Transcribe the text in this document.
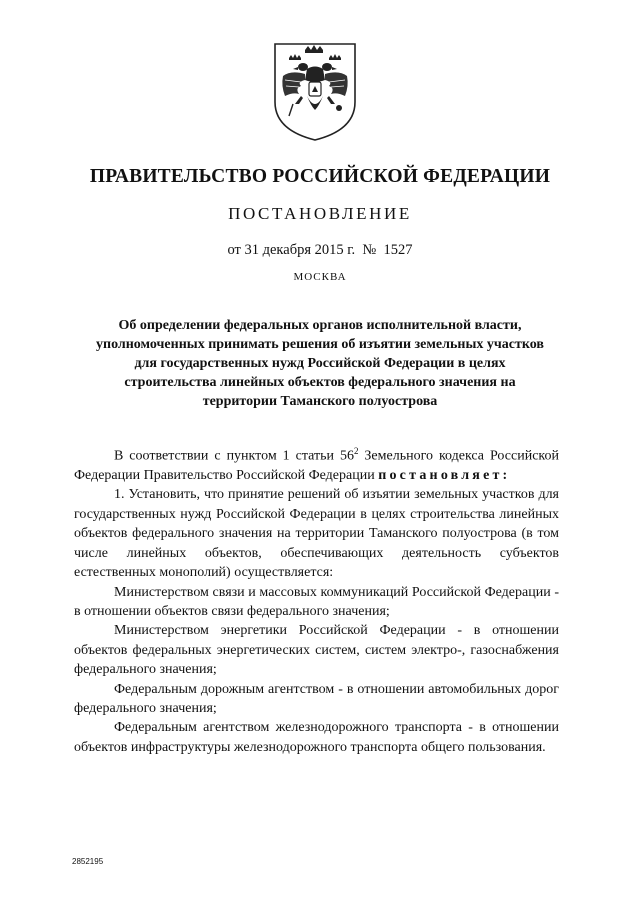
ПРАВИТЕЛЬСТВО РОССИЙСКОЙ ФЕДЕРАЦИИ
ПОСТАНОВЛЕНИЕ
от 31 декабря 2015 г.  №  1527
МОСКВА
Об определении федеральных органов исполнительной власти, уполномоченных принимать решения об изъятии земельных участков для государственных нужд Российской Федерации в целях строительства линейных объектов федерального значения на территории Таманского полуострова

В соответствии с пунктом 1 статьи $56^2$ Земельного кодекса Российской Федерации Правительство Российской Федерации постановляет:

1. Установить, что принятие решений об изъятии земельных участков для государственных нужд Российской Федерации в целях строительства линейных объектов федерального значения на территории Таманского полуострова (в том числе линейных объектов, обеспечивающих деятельность субъектов естественных монополий) осуществляется:

Министерством связи и массовых коммуникаций Российской Федерации - в отношении объектов связи федерального значения;

Министерством энергетики Российской Федерации - в отношении объектов федеральных энергетических систем, систем электро-, газоснабжения федерального значения;

Федеральным дорожным агентством - в отношении автомобильных дорог федерального значения;

Федеральным агентством железнодорожного транспорта - в отношении объектов инфраструктуры железнодорожного транспорта общего пользования.

2852195
